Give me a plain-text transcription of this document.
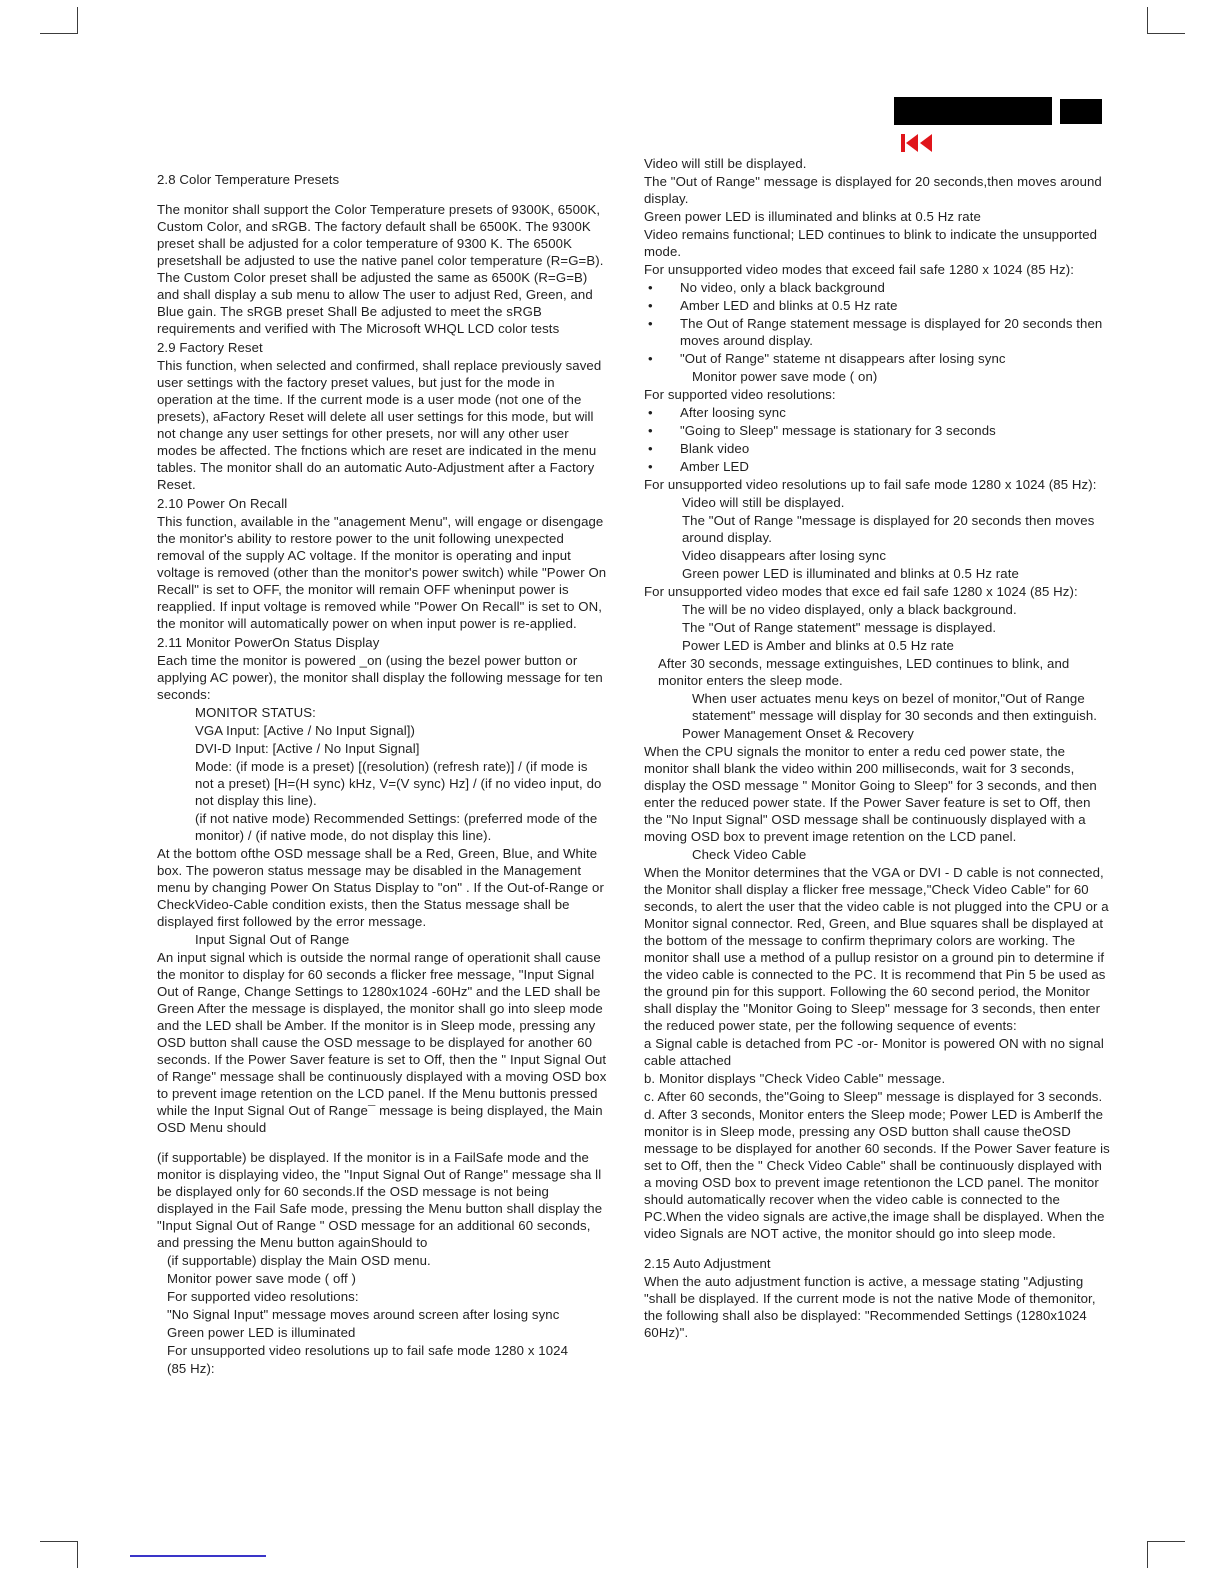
2.8 Color Temperature Presets
The monitor shall support the Color Temperature presets of 9300K, 6500K, Custom Color, and sRGB. The factory default shall be 6500K. The 9300K preset shall be adjusted for a color temperature of 9300 K. The 6500K presetshall be adjusted to use the native panel color temperature (R=G=B). The Custom Color preset shall be adjusted the same as 6500K (R=G=B) and shall display a sub menu to allow The user to adjust Red, Green, and Blue gain. The sRGB preset Shall Be adjusted to meet the sRGB requirements and verified with The Microsoft WHQL LCD color tests
2.9 Factory Reset
This function, when selected and confirmed, shall replace previously saved user settings with the factory preset values, but just for the mode in operation at the time. If the current mode is a user mode (not one of the presets), aFactory Reset will delete all user settings for this mode, but will not change any user settings for other presets, nor will any other user modes be affected. The fnctions which are reset are indicated in the menu tables. The monitor shall do an automatic Auto-Adjustment after a Factory Reset.
2.10 Power On Recall
This function, available in the "anagement Menu", will engage or disengage the monitor's ability to restore power to the unit following unexpected removal of the supply AC voltage. If the monitor is operating and input voltage is removed (other than the monitor's power switch) while "Power On Recall" is set to OFF, the monitor will remain OFF wheninput power is reapplied. If input voltage is removed while "Power On Recall" is set to ON, the monitor will automatically power on when input power is re-applied.
2.11 Monitor PowerOn Status Display
Each time the monitor is powered _on (using the bezel power button or applying AC power), the monitor shall display the following message for ten seconds:
MONITOR STATUS:
VGA Input: [Active / No Input Signal])
DVI-D Input: [Active / No Input Signal]
Mode: (if mode is a preset) [(resolution) (refresh rate)] / (if mode is not a preset) [H=(H sync) kHz, V=(V sync) Hz] / (if no video input, do not display this line).
(if not native mode) Recommended Settings: (preferred mode of the monitor) / (if native mode, do not display this line).
At the bottom ofthe OSD message shall be a Red, Green, Blue, and White box. The poweron status message may be disabled in the Management menu by changing Power On Status Display to "on" . If the Out-of-Range or CheckVideo-Cable condition exists, then the Status message shall be displayed first followed by the error message.
Input Signal Out of Range
An input signal which is outside the normal range of operationit shall cause the monitor to display for 60 seconds a flicker free message, "Input Signal Out of Range, Change Settings to 1280x1024 -60Hz" and the LED shall be Green After the message is displayed, the monitor shall go into sleep mode and the LED shall be Amber. If the monitor is in Sleep mode, pressing any OSD button shall cause the OSD message to be displayed for another 60 seconds. If the Power Saver feature is set to Off, then the " Input Signal Out of Range" message shall be continuously displayed with a moving OSD box to prevent image retention on the LCD panel. If the Menu buttonis pressed while the Input Signal Out of Range¯ message is being displayed, the Main OSD Menu should
(if supportable) be displayed. If the monitor is in a FailSafe mode and the monitor is displaying video, the "Input Signal Out of Range" message sha ll be displayed only for 60 seconds.If the OSD message is not being displayed in the Fail Safe mode, pressing the Menu button shall display the "Input Signal Out of Range " OSD message for an additional 60 seconds, and pressing the Menu button againShould to
(if supportable) display the Main OSD menu.
Monitor power save mode ( off )
For supported video resolutions:
"No Signal Input" message moves around screen after losing sync
Green power LED is illuminated
For unsupported video resolutions up to fail safe mode 1280 x 1024
(85 Hz):
Video will still be displayed.
The "Out of Range" message is displayed for 20 seconds,then moves around display.
Green power LED is illuminated and blinks at 0.5 Hz rate
Video remains functional; LED continues to blink to indicate the unsupported mode.
For unsupported video modes that exceed fail safe 1280 x 1024 (85 Hz):
• No video, only a black background
• Amber LED and blinks at 0.5 Hz rate
• The Out of Range statement message is displayed for 20 seconds then moves around display.
• "Out of Range" stateme nt disappears after losing sync
Monitor power save mode ( on)
For supported video resolutions:
• After loosing sync
• "Going to Sleep" message is stationary for 3 seconds
• Blank video
• Amber LED
For unsupported video resolutions up to fail safe mode 1280 x 1024 (85 Hz):
Video will still be displayed.
The "Out of Range "message is displayed for 20 seconds then moves around display.
Video disappears after losing sync
Green power LED is illuminated and blinks at 0.5 Hz rate
For unsupported video modes that exce ed fail safe 1280 x 1024 (85 Hz):
The will be no video displayed, only a black background.
The "Out of Range statement" message is displayed.
Power LED is Amber and blinks at 0.5 Hz rate
After 30 seconds, message extinguishes, LED continues to blink, and monitor enters the sleep mode.
When user actuates menu keys on bezel of monitor,"Out of Range statement" message will display for 30 seconds and then extinguish.
Power Management Onset & Recovery
When the CPU signals the monitor to enter a redu ced power state, the monitor shall blank the video within 200 milliseconds, wait for 3 seconds, display the OSD message " Monitor Going to Sleep" for 3 seconds, and then enter the reduced power state. If the Power Saver feature is set to Off, then the "No Input Signal" OSD message shall be continuously displayed with a moving OSD box to prevent image retention on the LCD panel.
Check Video Cable
When the Monitor determines that the VGA or DVI - D cable is not connected, the Monitor shall display a flicker free message,"Check Video Cable" for 60 seconds, to alert the user that the video cable is not plugged into the CPU or a Monitor signal connector. Red, Green, and Blue squares shall be displayed at the bottom of the message to confirm theprimary colors are working. The monitor shall use a method of a pullup resistor on a ground pin to determine if the video cable is connected to the PC. It is recommend that Pin 5 be used as the ground pin for this support. Following the 60 second period, the Monitor shall display the "Monitor Going to Sleep" message for 3 seconds, then enter the reduced power state, per the following sequence of events:
a Signal cable is detached from PC -or- Monitor is powered ON with no signal cable attached
b. Monitor displays "Check Video Cable" message.
c. After 60 seconds, the"Going to Sleep" message is displayed for 3 seconds.
d. After 3 seconds, Monitor enters the Sleep mode; Power LED is AmberIf the monitor is in Sleep mode, pressing any OSD button shall cause theOSD message to be displayed for another 60 seconds. If the Power Saver feature is set to Off, then the " Check Video Cable" shall be continuously displayed with a moving OSD box to prevent image retentionon the LCD panel. The monitor should automatically recover when the video cable is connected to the PC.When the video signals are active,the image shall be displayed. When the video Signals are NOT active, the monitor should go into sleep mode.
2.15 Auto Adjustment
When the auto adjustment function is active, a message stating "Adjusting "shall be displayed. If the current mode is not the native Mode of themonitor, the following shall also be displayed: "Recommended Settings (1280x1024 60Hz)".
